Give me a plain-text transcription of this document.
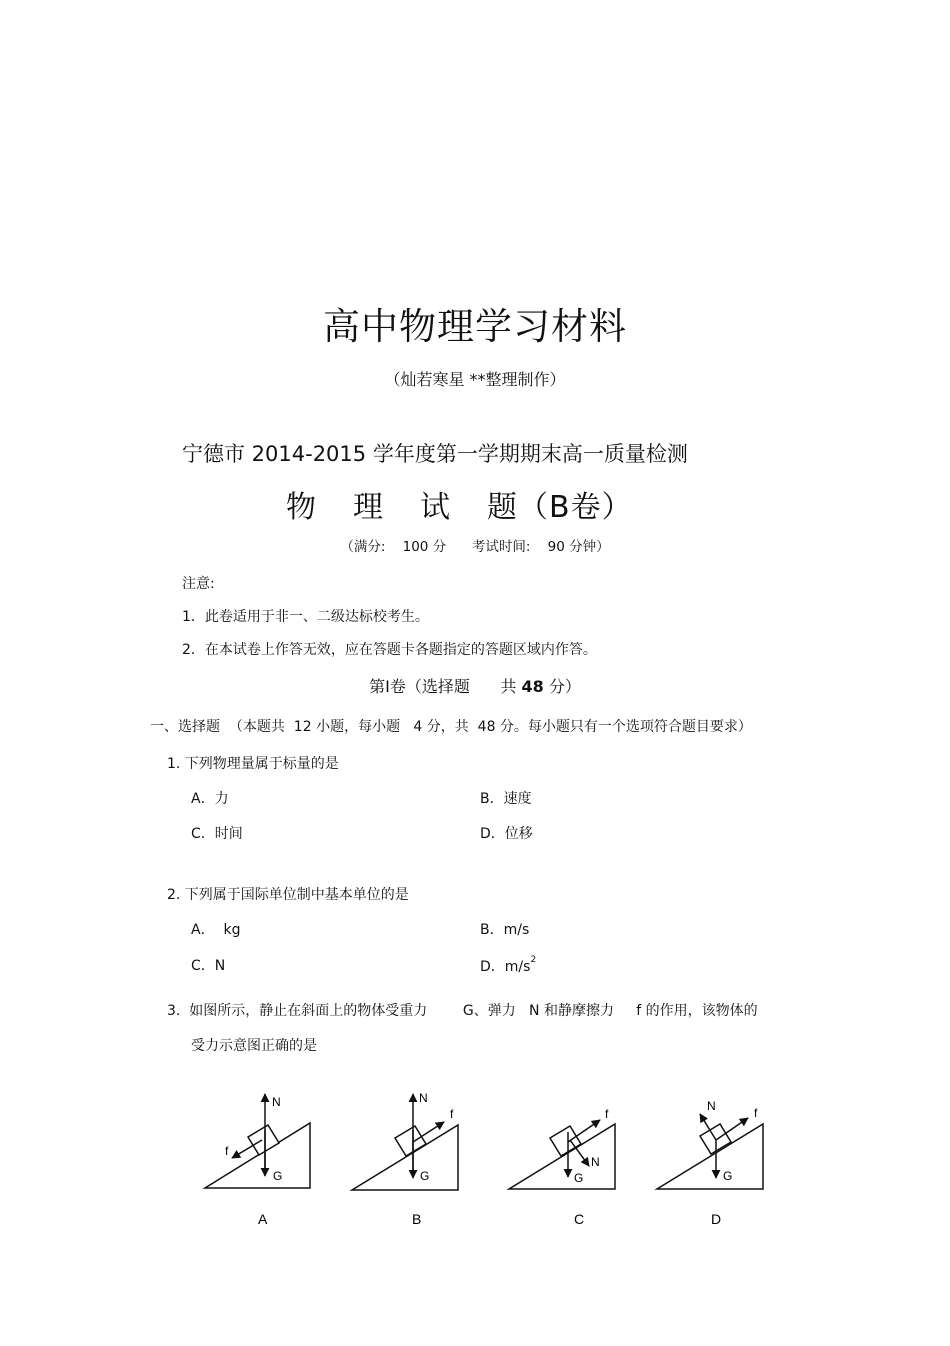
高中物理学习材料
（灿若寒星 **整理制作）
宁德市 2014-2015 学年度第一学期期末高一质量检测
物 理 试 题（B卷）
（满分:    100 分      考试时间:    90 分钟）
注意:
1．此卷适用于非一、二级达标校考生。
2．在本试卷上作答无效，应在答题卡各题指定的答题区域内作答。
第Ⅰ卷（选择题      共 48 分）
一、选择题  （本题共  12 小题，每小题   4 分，共  48 分。每小题只有一个选项符合题目要求）
1. 下列物理量属于标量的是
A．力	B．速度
C．时间	D．位移
2. 下列属于国际单位制中基本单位的是
A．  kg	B．m/s
C．N	D．$m/s^2$
3.  如图所示，静止在斜面上的物体受重力        G、弹力   N 和静摩擦力     f 的作用，该物体的
受力示意图正确的是
N
f
G
A
N
f
G
B
f
N
G
C
N	f
G
D
